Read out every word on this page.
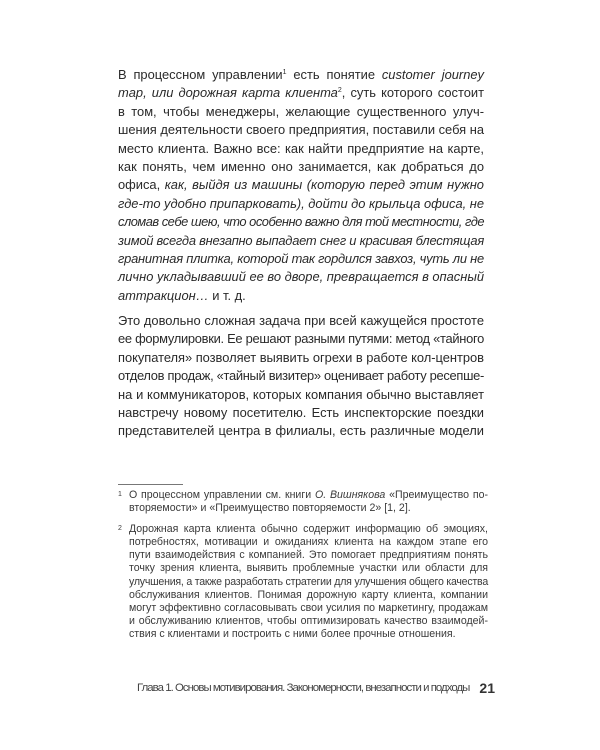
В процессном управлении$^1$ есть понятие customer journey
map, или дорожная карта клиента$^2$, суть которого состоит
в том, чтобы менеджеры, желающие существенного улуч-
шения деятельности своего предприятия, поставили себя на
место клиента. Важно все: как найти предприятие на карте,
как понять, чем именно оно занимается, как добраться до
офиса, как, выйдя из машины (которую перед этим нужно
где-то удобно припарковать), дойти до крыльца офиса, не
сломав себе шею, что особенно важно для той местности, где
зимой всегда внезапно выпадает снег и красивая блестящая
гранитная плитка, которой так гордился завхоз, чуть ли не
лично укладывавший ее во дворе, превращается в опасный
аттракцион… и т. д.
Это довольно сложная задача при всей кажущейся простоте
ее формулировки. Ее решают разными путями: метод «тайного
покупателя» позволяет выявить огрехи в работе кол-центров
отделов продаж, «тайный визитер» оценивает работу ресепше-
на и коммуникаторов, которых компания обычно выставляет
навстречу новому посетителю. Есть инспекторские поездки
представителей центра в филиалы, есть различные модели
1 О процессном управлении см. книги О. Вишнякова «Преимущество по-
вторяемости» и «Преимущество повторяемости 2» [1, 2].
2 Дорожная карта клиента обычно содержит информацию об эмоциях,
потребностях, мотивации и ожиданиях клиента на каждом этапе его
пути взаимодействия с компанией. Это помогает предприятиям понять
точку зрения клиента, выявить проблемные участки или области для
улучшения, а также разработать стратегии для улучшения общего качества
обслуживания клиентов. Понимая дорожную карту клиента, компании
могут эффективно согласовывать свои усилия по маркетингу, продажам
и обслуживанию клиентов, чтобы оптимизировать качество взаимодей-
ствия с клиентами и построить с ними более прочные отношения.
Глава 1. Основы мотивирования. Закономерности, внезапности и подходы 21
